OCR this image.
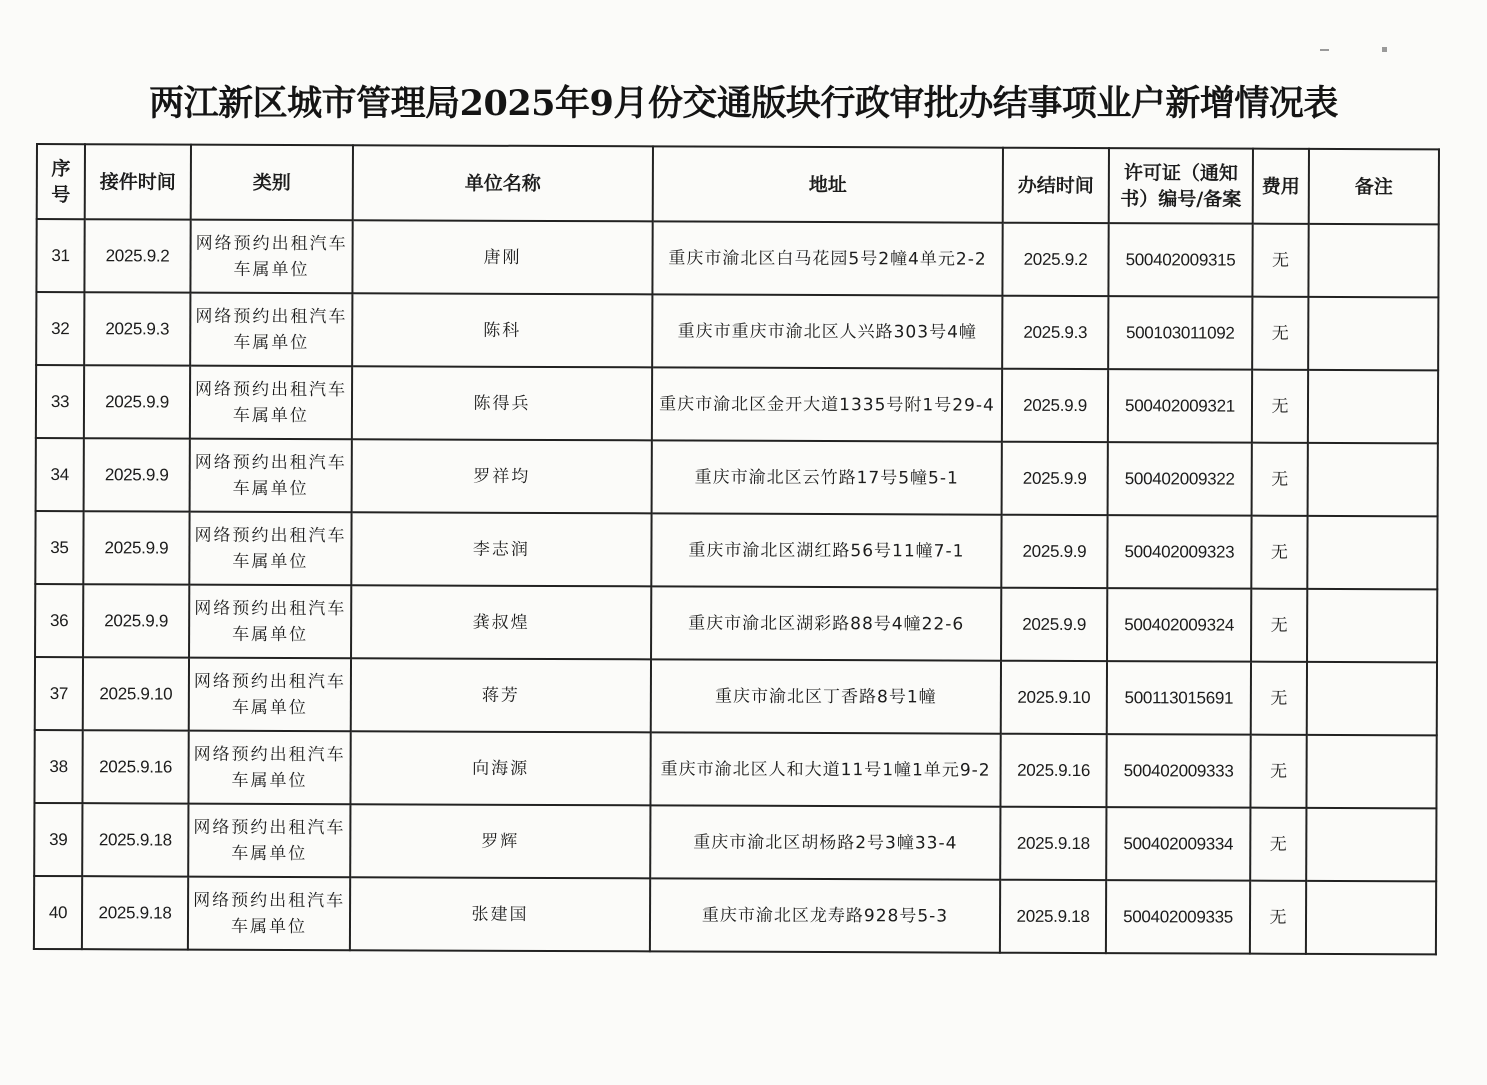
两江新区城市管理局2025年9月份交通版块行政审批办结事项业户新增情况表
序号	接件时间	类别	单位名称	地址	办结时间	许可证（通知书）编号/备案	费用	备注
31	2025.9.2	网络预约出租汽车车属单位	唐刚	重庆市渝北区白马花园5号2幢4单元2-2	2025.9.2	500402009315	无	
32	2025.9.3	网络预约出租汽车车属单位	陈科	重庆市重庆市渝北区人兴路303号4幢	2025.9.3	500103011092	无	
33	2025.9.9	网络预约出租汽车车属单位	陈得兵	重庆市渝北区金开大道1335号附1号29-4	2025.9.9	500402009321	无	
34	2025.9.9	网络预约出租汽车车属单位	罗祥均	重庆市渝北区云竹路17号5幢5-1	2025.9.9	500402009322	无	
35	2025.9.9	网络预约出租汽车车属单位	李志润	重庆市渝北区湖红路56号11幢7-1	2025.9.9	500402009323	无	
36	2025.9.9	网络预约出租汽车车属单位	龚叔煌	重庆市渝北区湖彩路88号4幢22-6	2025.9.9	500402009324	无	
37	2025.9.10	网络预约出租汽车车属单位	蒋芳	重庆市渝北区丁香路8号1幢	2025.9.10	500113015691	无	
38	2025.9.16	网络预约出租汽车车属单位	向海源	重庆市渝北区人和大道11号1幢1单元9-2	2025.9.16	500402009333	无	
39	2025.9.18	网络预约出租汽车车属单位	罗辉	重庆市渝北区胡杨路2号3幢33-4	2025.9.18	500402009334	无	
40	2025.9.18	网络预约出租汽车车属单位	张建国	重庆市渝北区龙寿路928号5-3	2025.9.18	500402009335	无	
